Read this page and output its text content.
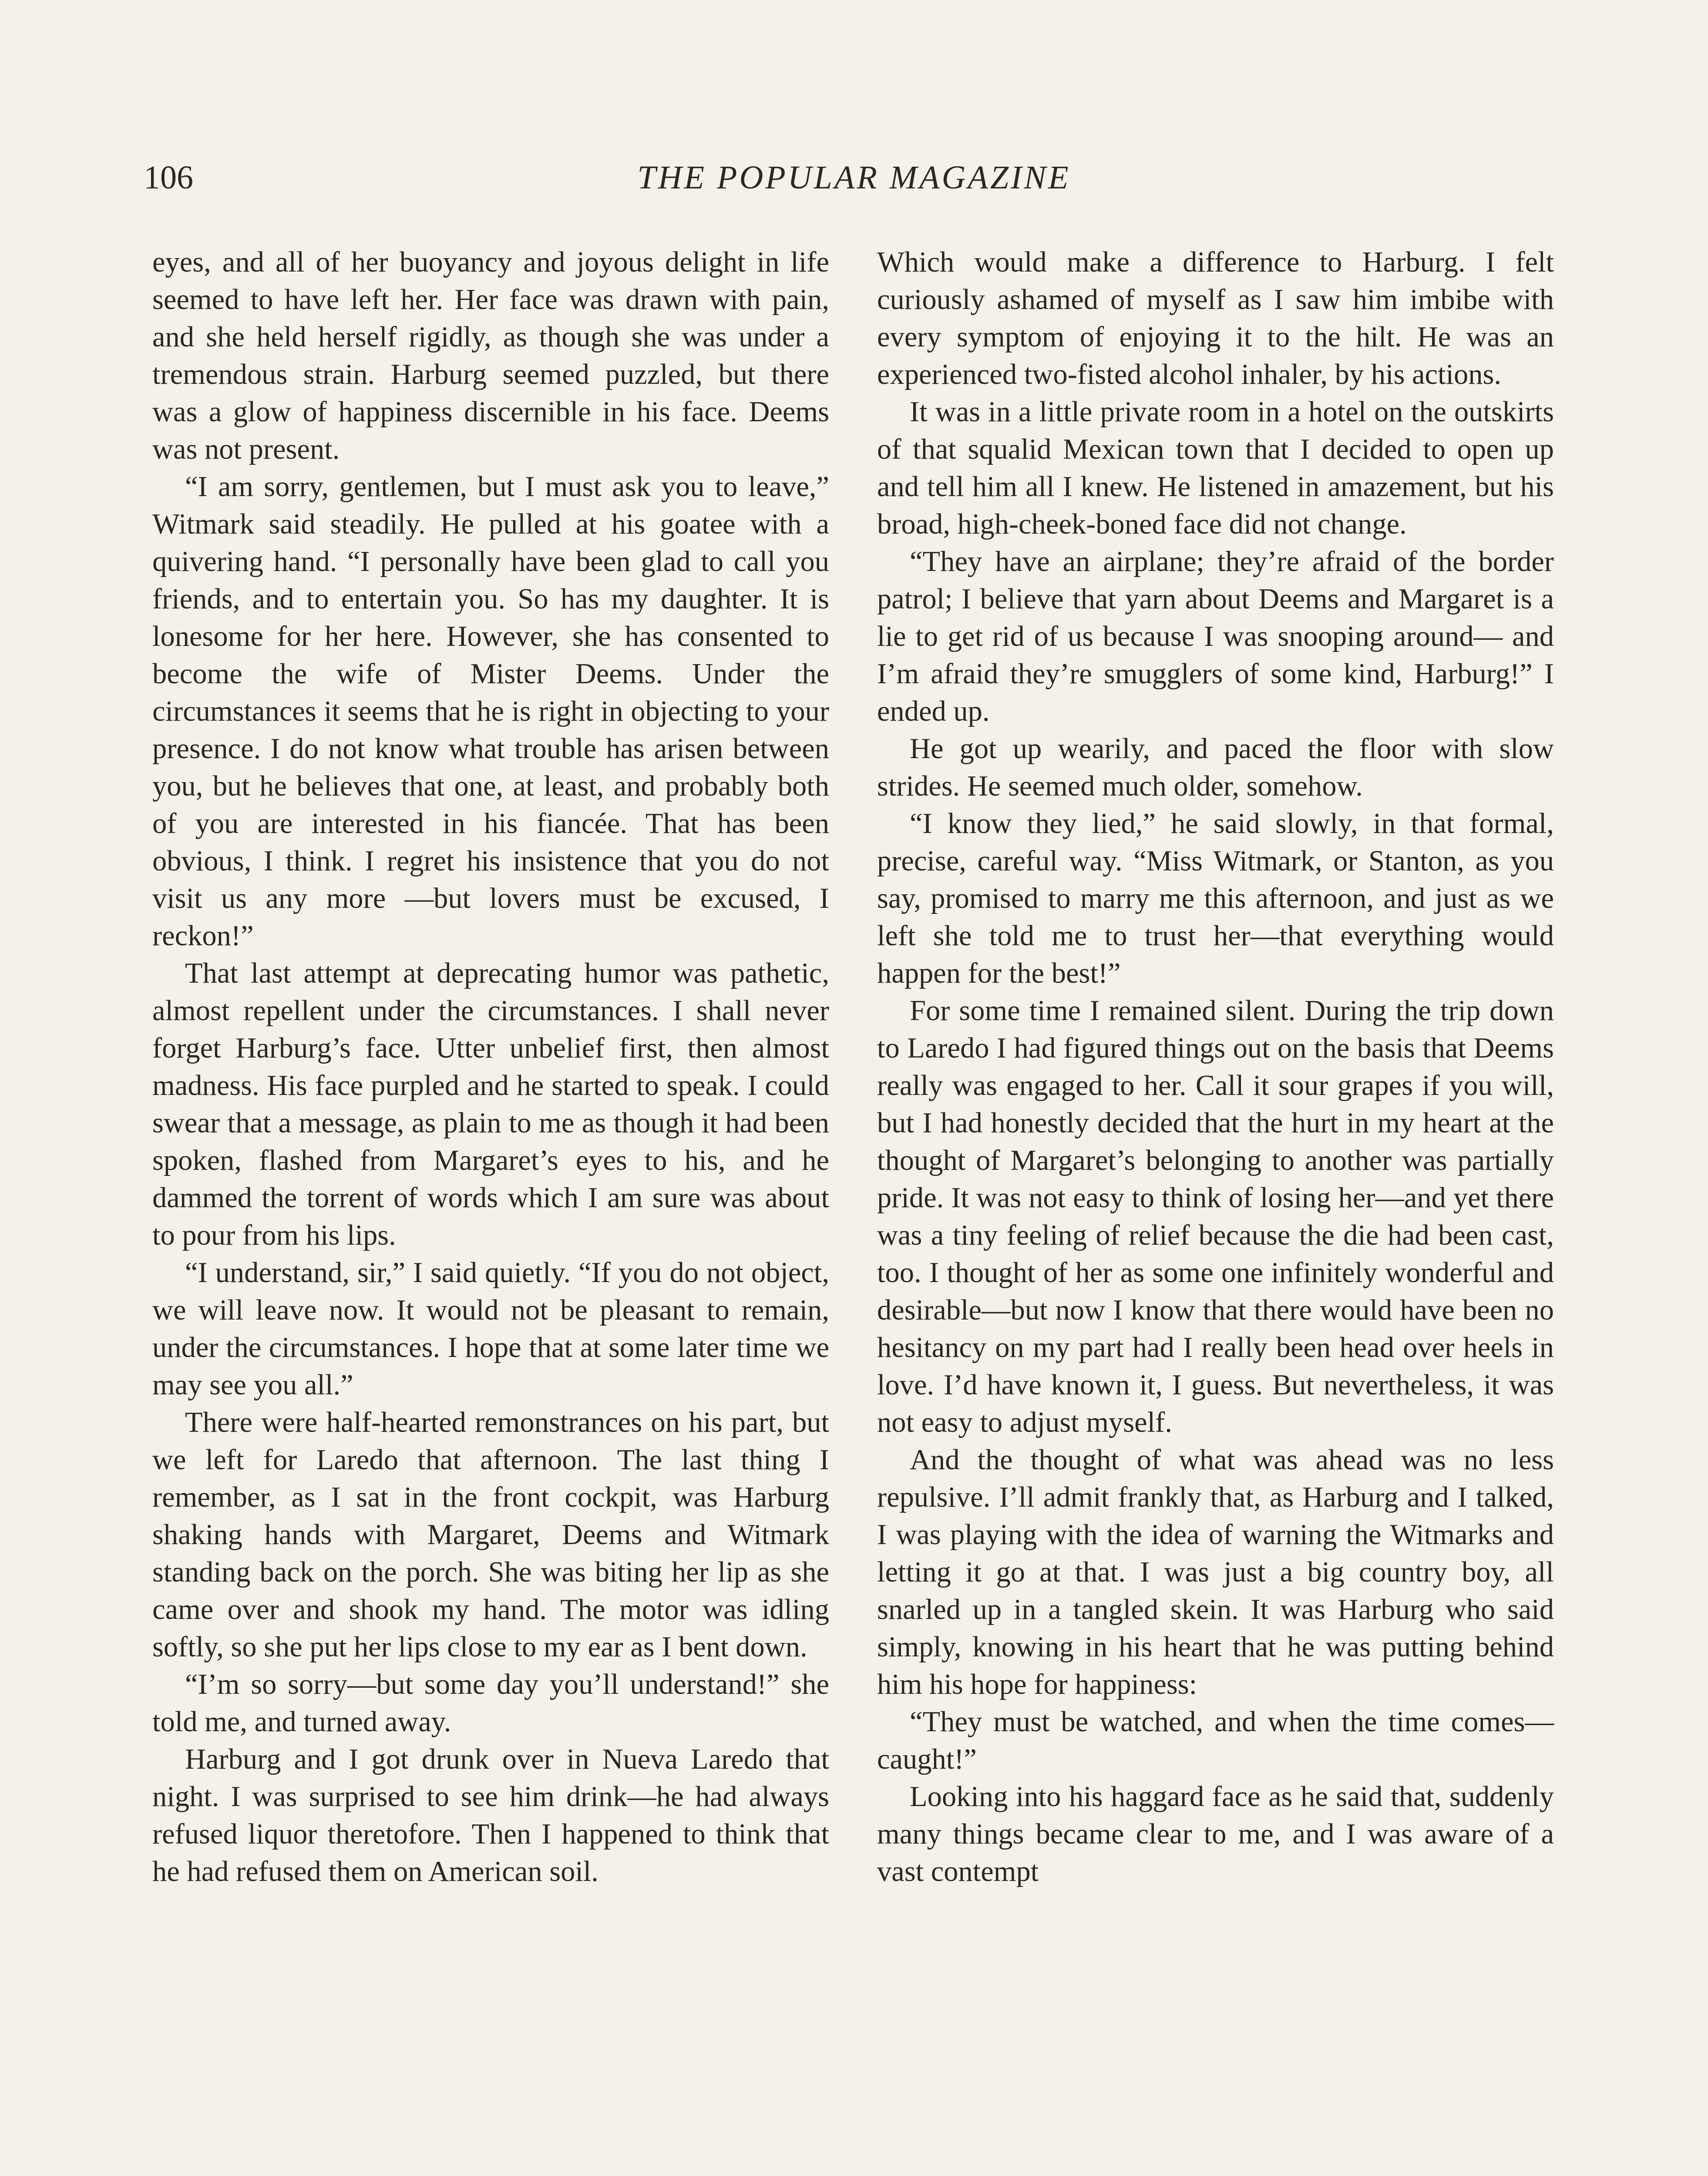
106	THE POPULAR MAGAZINE

eyes, and all of her buoyancy and joyous delight in life seemed to have left her. Her face was drawn with pain, and she held herself rigidly, as though she was under a tremendous strain. Harburg seemed puzzled, but there was a glow of happiness discernible in his face. Deems was not present.

“I am sorry, gentlemen, but I must ask you to leave,” Witmark said steadily. He pulled at his goatee with a quivering hand. “I personally have been glad to call you friends, and to entertain you. So has my daughter. It is lonesome for her here. However, she has consented to become the wife of Mister Deems. Under the circumstances it seems that he is right in objecting to your presence. I do not know what trouble has arisen between you, but he believes that one, at least, and probably both of you are interested in his fiancée. That has been obvious, I think. I regret his insistence that you do not visit us any more —but lovers must be excused, I reckon!”

That last attempt at deprecating humor was pathetic, almost repellent under the circumstances. I shall never forget Harburg’s face. Utter unbelief first, then almost madness. His face purpled and he started to speak. I could swear that a message, as plain to me as though it had been spoken, flashed from Margaret’s eyes to his, and he dammed the torrent of words which I am sure was about to pour from his lips.

“I understand, sir,” I said quietly. “If you do not object, we will leave now. It would not be pleasant to remain, under the circumstances. I hope that at some later time we may see you all.”

There were half-hearted remonstrances on his part, but we left for Laredo that afternoon. The last thing I remember, as I sat in the front cockpit, was Harburg shaking hands with Margaret, Deems and Witmark standing back on the porch. She was biting her lip as she came over and shook my hand. The motor was idling softly, so she put her lips close to my ear as I bent down.

“I’m so sorry—but some day you’ll understand!” she told me, and turned away.

Harburg and I got drunk over in Nueva Laredo that night. I was surprised to see him drink—he had always refused liquor theretofore. Then I happened to think that he had refused them on American soil.

Which would make a difference to Harburg. I felt curiously ashamed of myself as I saw him imbibe with every symptom of enjoying it to the hilt. He was an experienced two-fisted alcohol inhaler, by his actions.

It was in a little private room in a hotel on the outskirts of that squalid Mexican town that I decided to open up and tell him all I knew. He listened in amazement, but his broad, high-cheek-boned face did not change.

“They have an airplane; they’re afraid of the border patrol; I believe that yarn about Deems and Margaret is a lie to get rid of us because I was snooping around— and I’m afraid they’re smugglers of some kind, Harburg!” I ended up.

He got up wearily, and paced the floor with slow strides. He seemed much older, somehow.

“I know they lied,” he said slowly, in that formal, precise, careful way. “Miss Witmark, or Stanton, as you say, promised to marry me this afternoon, and just as we left she told me to trust her—that everything would happen for the best!”

For some time I remained silent. During the trip down to Laredo I had figured things out on the basis that Deems really was engaged to her. Call it sour grapes if you will, but I had honestly decided that the hurt in my heart at the thought of Margaret’s belonging to another was partially pride. It was not easy to think of losing her—and yet there was a tiny feeling of relief because the die had been cast, too. I thought of her as some one infinitely wonderful and desirable—but now I know that there would have been no hesitancy on my part had I really been head over heels in love. I’d have known it, I guess. But nevertheless, it was not easy to adjust myself.

And the thought of what was ahead was no less repulsive. I’ll admit frankly that, as Harburg and I talked, I was playing with the idea of warning the Witmarks and letting it go at that. I was just a big country boy, all snarled up in a tangled skein. It was Harburg who said simply, knowing in his heart that he was putting behind him his hope for happiness:

“They must be watched, and when the time comes—caught!”

Looking into his haggard face as he said that, suddenly many things became clear to me, and I was aware of a vast contempt
